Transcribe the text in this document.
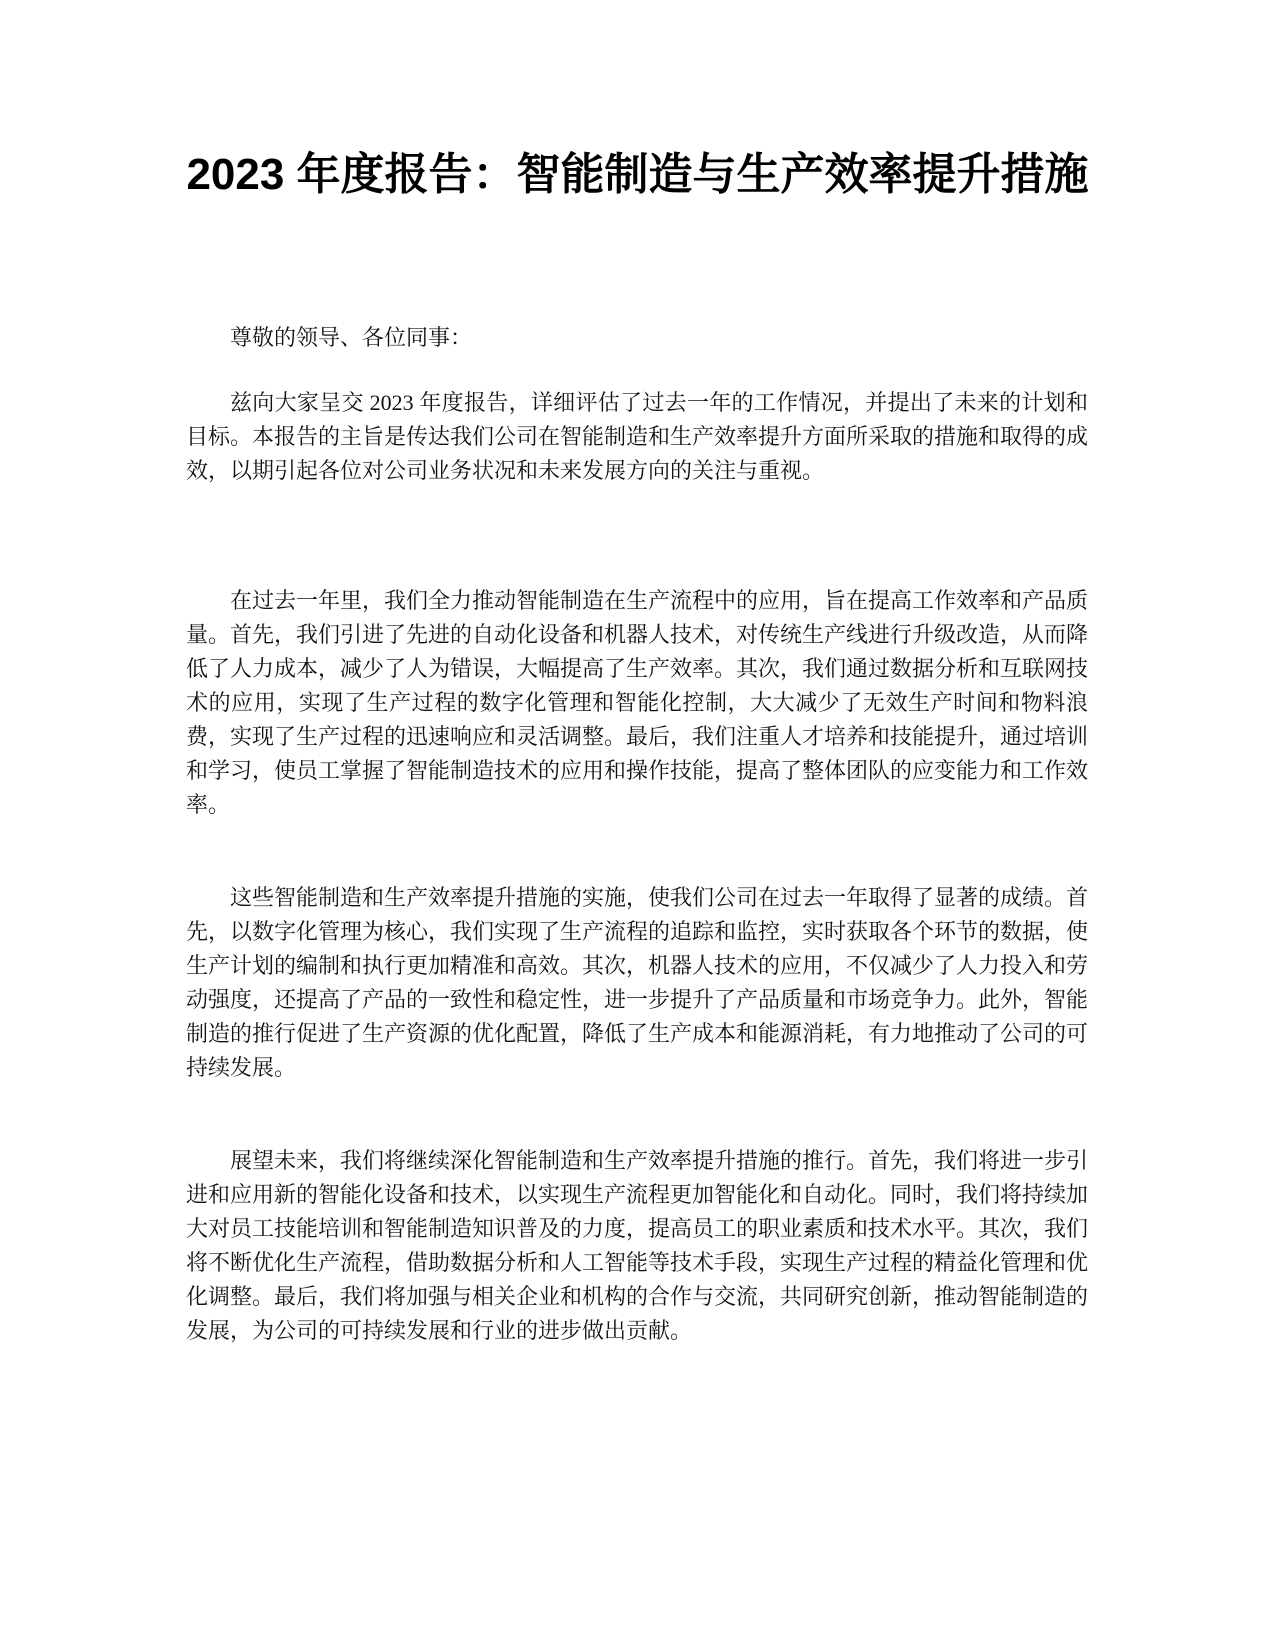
2023 年度报告：智能制造与生产效率提升措施

尊敬的领导、各位同事：

兹向大家呈交 2023 年度报告，详细评估了过去一年的工作情况，并提出了未来的计划和目标。本报告的主旨是传达我们公司在智能制造和生产效率提升方面所采取的措施和取得的成效，以期引起各位对公司业务状况和未来发展方向的关注与重视。

在过去一年里，我们全力推动智能制造在生产流程中的应用，旨在提高工作效率和产品质量。首先，我们引进了先进的自动化设备和机器人技术，对传统生产线进行升级改造，从而降低了人力成本，减少了人为错误，大幅提高了生产效率。其次，我们通过数据分析和互联网技术的应用，实现了生产过程的数字化管理和智能化控制，大大减少了无效生产时间和物料浪费，实现了生产过程的迅速响应和灵活调整。最后，我们注重人才培养和技能提升，通过培训和学习，使员工掌握了智能制造技术的应用和操作技能，提高了整体团队的应变能力和工作效率。

这些智能制造和生产效率提升措施的实施，使我们公司在过去一年取得了显著的成绩。首先，以数字化管理为核心，我们实现了生产流程的追踪和监控，实时获取各个环节的数据，使生产计划的编制和执行更加精准和高效。其次，机器人技术的应用，不仅减少了人力投入和劳动强度，还提高了产品的一致性和稳定性，进一步提升了产品质量和市场竞争力。此外，智能制造的推行促进了生产资源的优化配置，降低了生产成本和能源消耗，有力地推动了公司的可持续发展。

展望未来，我们将继续深化智能制造和生产效率提升措施的推行。首先，我们将进一步引进和应用新的智能化设备和技术，以实现生产流程更加智能化和自动化。同时，我们将持续加大对员工技能培训和智能制造知识普及的力度，提高员工的职业素质和技术水平。其次，我们将不断优化生产流程，借助数据分析和人工智能等技术手段，实现生产过程的精益化管理和优化调整。最后，我们将加强与相关企业和机构的合作与交流，共同研究创新，推动智能制造的发展，为公司的可持续发展和行业的进步做出贡献。
